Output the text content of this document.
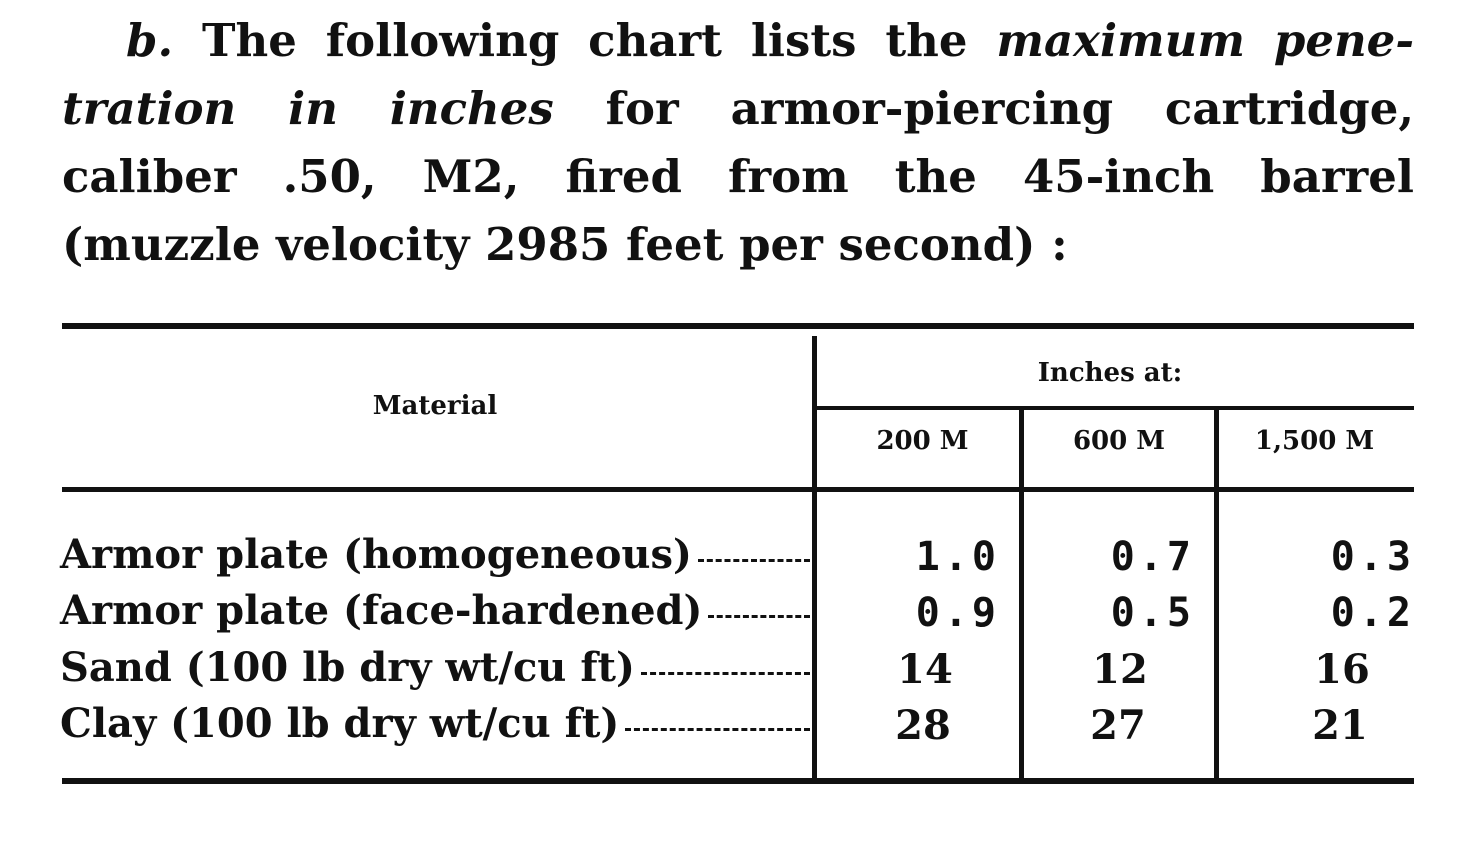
b. The following chart lists the maximum pene-
tration in inches for armor-piercing cartridge,
caliber .50, M2, fired from the 45-inch barrel
(muzzle velocity 2985 feet per second) :
Material
Inches at:
200 M	600 M	1,500 M
Armor plate (homogeneous)	1.0	0.7	0.3
Armor plate (face-hardened)	0.9	0.5	0.2
Sand (100 lb dry wt/cu ft)	14	12	16
Clay (100 lb dry wt/cu ft)	28	27	21
